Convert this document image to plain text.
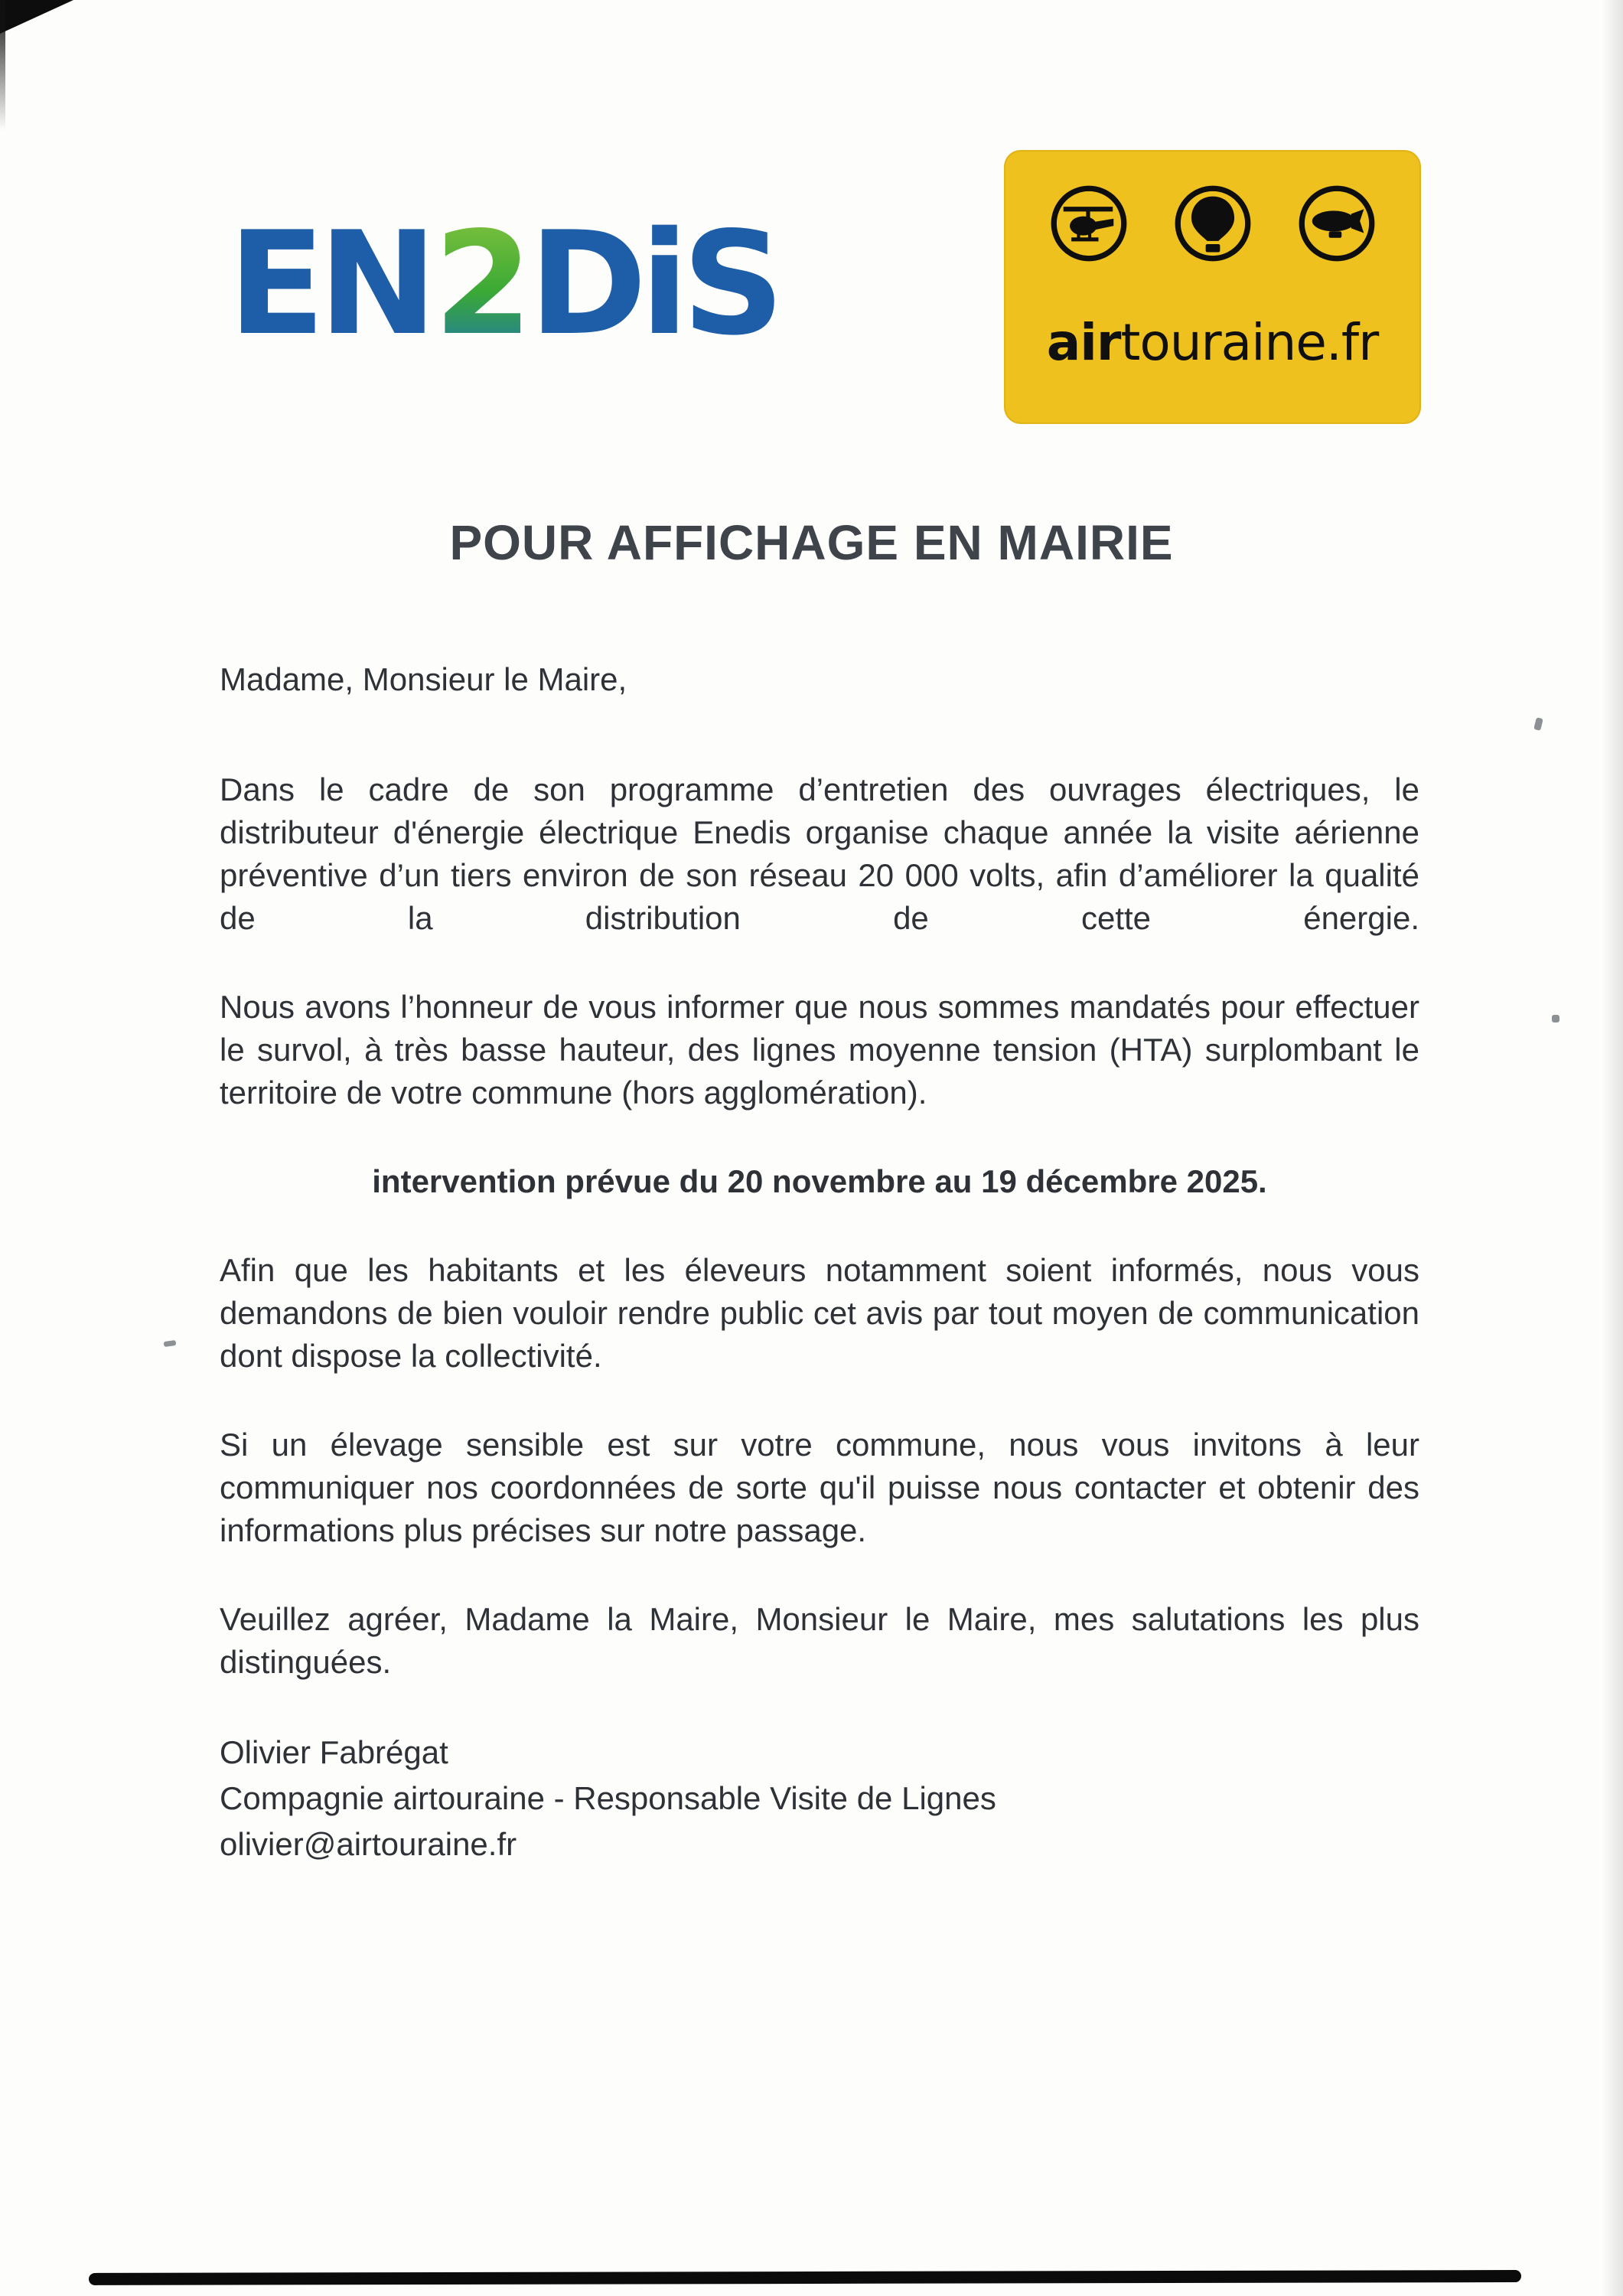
EN2DiS	airtouraine.fr
POUR AFFICHAGE EN MAIRIE

Madame, Monsieur le Maire,

Dans le cadre de son programme d’entretien des ouvrages électriques, le distributeur d'énergie électrique Enedis organise chaque année la visite aérienne préventive d’un tiers environ de son réseau 20 000 volts, afin d’améliorer la qualité de la distribution de cette énergie.

Nous avons l’honneur de vous informer que nous sommes mandatés pour effectuer le survol, à très basse hauteur, des lignes moyenne tension (HTA) surplombant le territoire de votre commune (hors agglomération).

intervention prévue du 20 novembre au 19 décembre 2025.

Afin que les habitants et les éleveurs notamment soient informés, nous vous demandons de bien vouloir rendre public cet avis par tout moyen de communication dont dispose la collectivité.

Si un élevage sensible est sur votre commune, nous vous invitons à leur communiquer nos coordonnées de sorte qu'il puisse nous contacter et obtenir des informations plus précises sur notre passage.

Veuillez agréer, Madame la Maire, Monsieur le Maire, mes salutations les plus distinguées.

Olivier Fabrégat
Compagnie airtouraine - Responsable Visite de Lignes
olivier@airtouraine.fr
